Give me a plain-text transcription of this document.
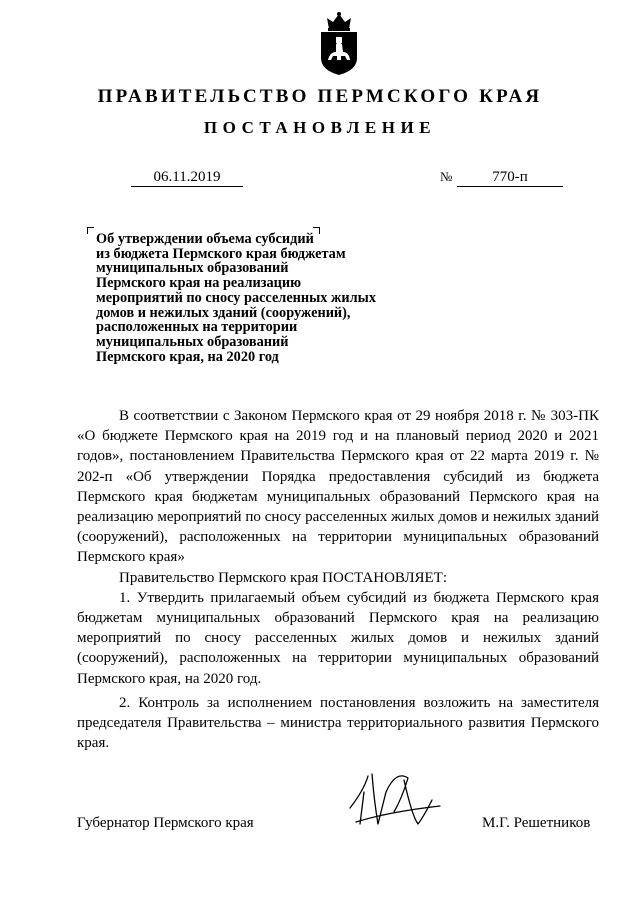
ПРАВИТЕЛЬСТВО ПЕРМСКОГО КРАЯ
ПОСТАНОВЛЕНИЕ
06.11.2019	№	770-п
Об утверждении объема субсидий
из бюджета Пермского края бюджетам
муниципальных образований
Пермского края на реализацию
мероприятий по сносу расселенных жилых
домов и нежилых зданий (сооружений),
расположенных на территории
муниципальных образований
Пермского края, на 2020 год

В соответствии с Законом Пермского края от 29 ноября 2018 г. № 303-ПК «О бюджете Пермского края на 2019 год и на плановый период 2020 и 2021 годов», постановлением Правительства Пермского края от 22 марта 2019 г. № 202-п «Об утверждении Порядка предоставления субсидий из бюджета Пермского края бюджетам муниципальных образований Пермского края на реализацию мероприятий по сносу расселенных жилых домов и нежилых зданий (сооружений), расположенных на территории муниципальных образований Пермского края»

Правительство Пермского края ПОСТАНОВЛЯЕТ:

1. Утвердить прилагаемый объем субсидий из бюджета Пермского края бюджетам муниципальных образований Пермского края на реализацию мероприятий по сносу расселенных жилых домов и нежилых зданий (сооружений), расположенных на территории муниципальных образований Пермского края, на 2020 год.

2. Контроль за исполнением постановления возложить на заместителя председателя Правительства – министра территориального развития Пермского края.

Губернатор Пермского края	М.Г. Решетников
